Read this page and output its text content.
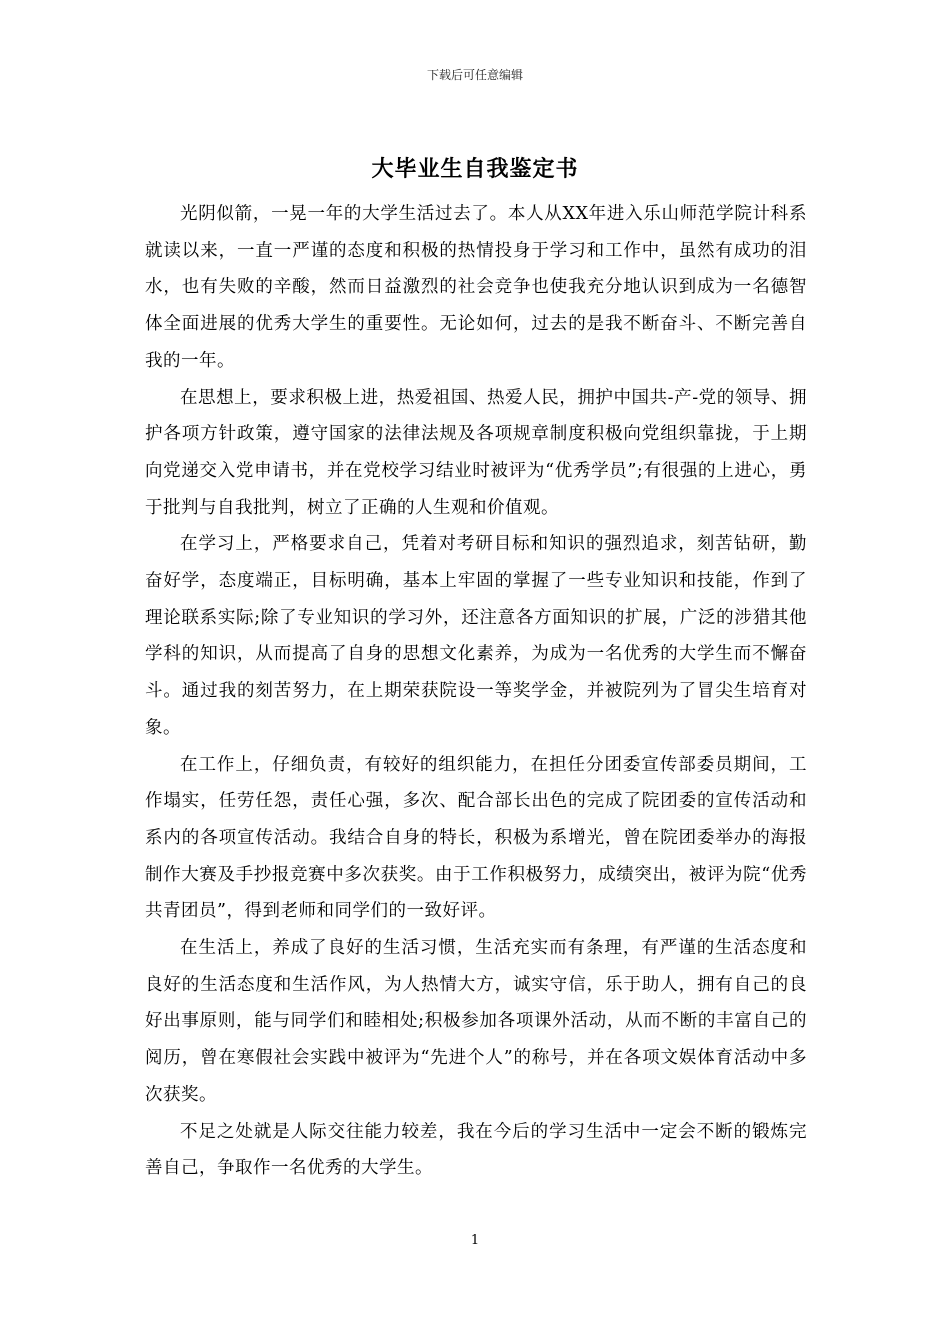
下载后可任意编辑
大毕业生自我鉴定书

光阴似箭，一晃一年的大学生活过去了。本人从XX年进入乐山师范学院计科系就读以来，一直一严谨的态度和积极的热情投身于学习和工作中，虽然有成功的泪水，也有失败的辛酸，然而日益激烈的社会竞争也使我充分地认识到成为一名德智体全面进展的优秀大学生的重要性。无论如何，过去的是我不断奋斗、不断完善自我的一年。

在思想上，要求积极上进，热爱祖国、热爱人民，拥护中国共-产-党的领导、拥护各项方针政策，遵守国家的法律法规及各项规章制度积极向党组织靠拢，于上期向党递交入党申请书，并在党校学习结业时被评为“优秀学员”;有很强的上进心，勇于批判与自我批判，树立了正确的人生观和价值观。

在学习上，严格要求自己，凭着对考研目标和知识的强烈追求，刻苦钻研，勤奋好学，态度端正，目标明确，基本上牢固的掌握了一些专业知识和技能，作到了理论联系实际;除了专业知识的学习外，还注意各方面知识的扩展，广泛的涉猎其他学科的知识，从而提高了自身的思想文化素养，为成为一名优秀的大学生而不懈奋斗。通过我的刻苦努力，在上期荣获院设一等奖学金，并被院列为了冒尖生培育对象。

在工作上，仔细负责，有较好的组织能力，在担任分团委宣传部委员期间，工作塌实，任劳任怨，责任心强，多次、配合部长出色的完成了院团委的宣传活动和系内的各项宣传活动。我结合自身的特长，积极为系增光，曾在院团委举办的海报制作大赛及手抄报竞赛中多次获奖。由于工作积极努力，成绩突出，被评为院“优秀共青团员”，得到老师和同学们的一致好评。

在生活上，养成了良好的生活习惯，生活充实而有条理，有严谨的生活态度和良好的生活态度和生活作风，为人热情大方，诚实守信，乐于助人，拥有自己的良好出事原则，能与同学们和睦相处;积极参加各项课外活动，从而不断的丰富自己的阅历，曾在寒假社会实践中被评为“先进个人”的称号，并在各项文娱体育活动中多次获奖。

不足之处就是人际交往能力较差，我在今后的学习生活中一定会不断的锻炼完善自己，争取作一名优秀的大学生。

1
